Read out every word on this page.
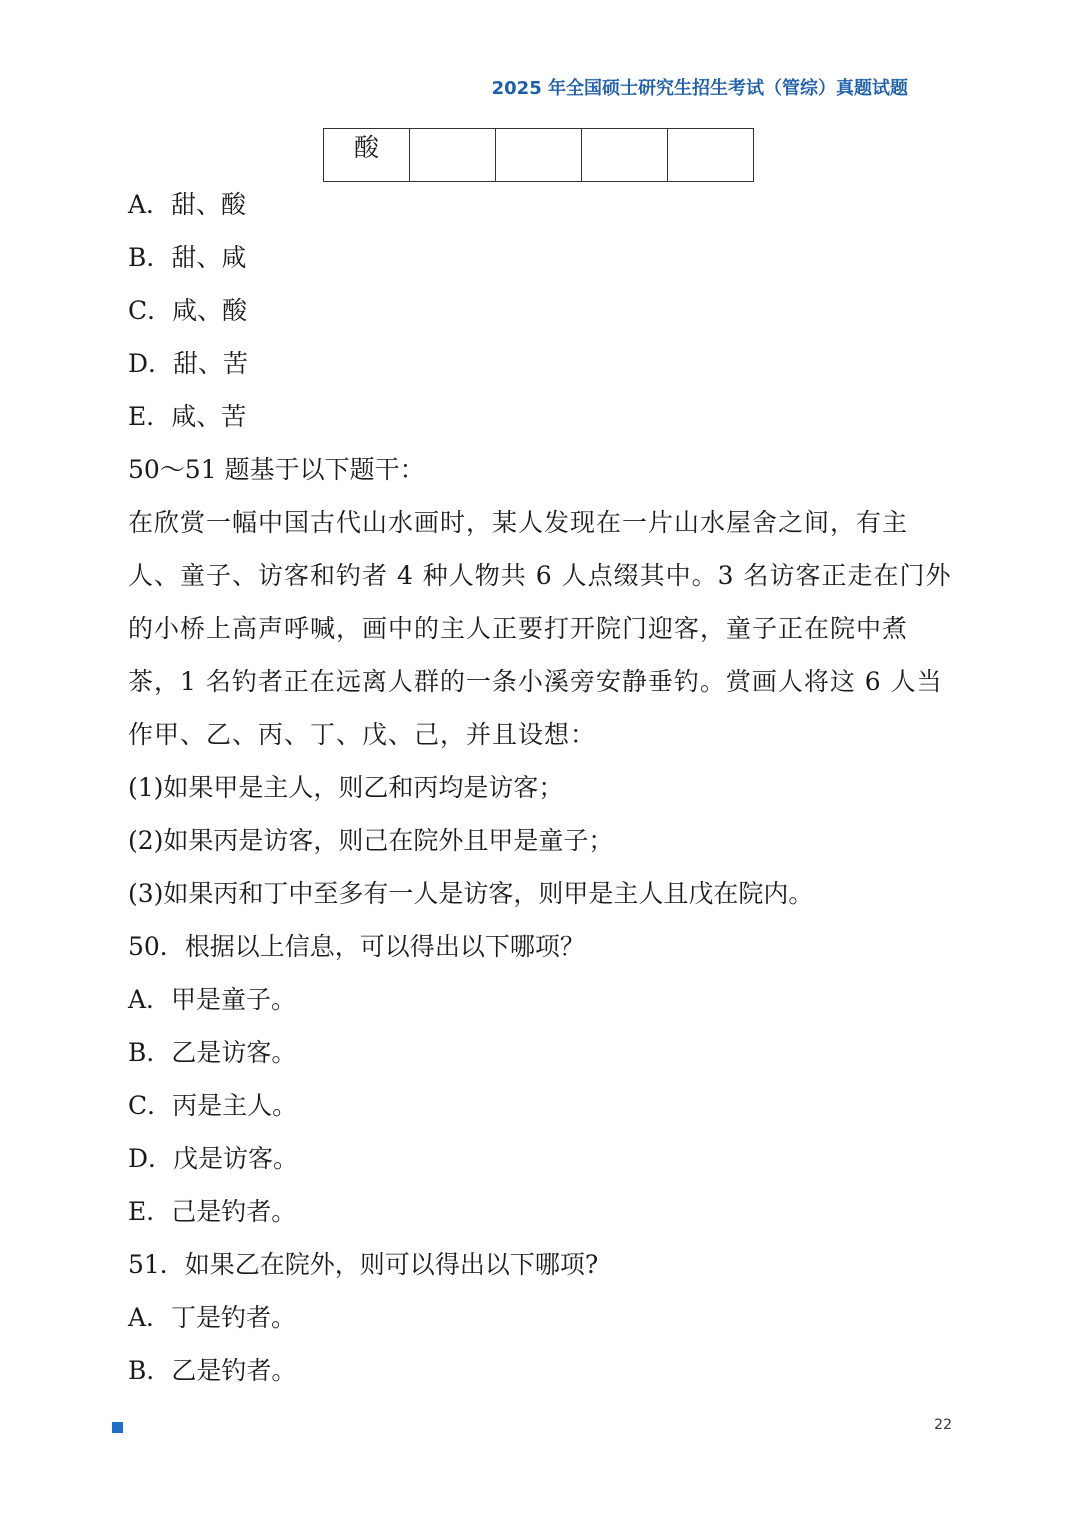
2025 年全国硕士研究生招生考试（管综）真题试题
酸				
A．甜、酸
B．甜、咸
C．咸、酸
D．甜、苦
E．咸、苦
50～51 题基于以下题干：
在欣赏一幅中国古代山水画时，某人发现在一片山水屋舍之间，有主人、童子、访客和钓者 4 种人物共 6 人点缀其中。3 名访客正走在门外的小桥上高声呼喊，画中的主人正要打开院门迎客，童子正在院中煮茶，1 名钓者正在远离人群的一条小溪旁安静垂钓。赏画人将这 6 人当作甲、乙、丙、丁、戊、己，并且设想：
(1)如果甲是主人，则乙和丙均是访客；
(2)如果丙是访客，则己在院外且甲是童子；
(3)如果丙和丁中至多有一人是访客，则甲是主人且戊在院内。
50．根据以上信息，可以得出以下哪项？
A．甲是童子。
B．乙是访客。
C．丙是主人。
D．戊是访客。
E．己是钓者。
51．如果乙在院外，则可以得出以下哪项?
A．丁是钓者。
B．乙是钓者。
22
